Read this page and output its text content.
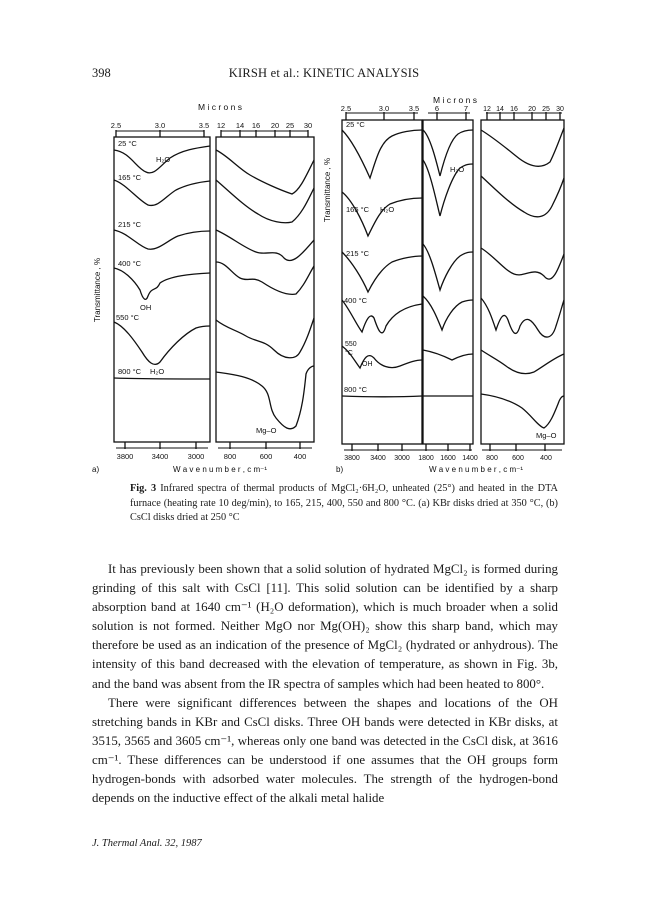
398	KIRSH et al.: KINETIC ANALYSIS
M i c r o n s
2.5	3.0	3.5 12 14 16 20 25 30
Transmittance , %
3800 3400	3000	800	600	400
a)	W a v e n u m b e r , c m⁻¹
25 °C
H₂O
165 °C
215 °C
400 °C
OH
550 °C
800 °C H₂O
Mg–O
M i c r o n s
2.5	3.0	3.5 6	7 12 14 16 20 25 30
Transmittance , %
3800 3400 3000 1800 1600 1400 800 600 400
b)	W a v e n u m b e r , c m⁻¹
25 °C
165 °C H₂O
H₂O
215 °C
400 °C
550
°C
OH
800 °C
Mg–O
Fig. 3 Infrared spectra of thermal products of MgCl₂·6H₂O, unheated (25°) and heated in the DTA furnace (heating rate 10 deg/min), to 165, 215, 400, 550 and 800 °C. (a) KBr disks dried at 350 °C, (b) CsCl disks dried at 250 °C

It has previously been shown that a solid solution of hydrated MgCl₂ is formed during grinding of this salt with CsCl [11]. This solid solution can be identified by a sharp absorption band at 1640 cm⁻¹ (H₂O deformation), which is much broader when a solid solution is not formed. Neither MgO nor Mg(OH)₂ show this sharp band, which may therefore be used as an indication of the presence of MgCl₂ (hydrated or anhydrous). The intensity of this band decreased with the elevation of temperature, as shown in Fig. 3b, and the band was absent from the IR spectra of samples which had been heated to 800°.

There were significant differences between the shapes and locations of the OH stretching bands in KBr and CsCl disks. Three OH bands were detected in KBr disks, at 3515, 3565 and 3605 cm⁻¹, whereas only one band was detected in the CsCl disk, at 3616 cm⁻¹. These differences can be understood if one assumes that the OH groups form hydrogen-bonds with adsorbed water molecules. The strength of the hydrogen-bond depends on the inductive effect of the alkali metal halide

J. Thermal Anal. 32, 1987
